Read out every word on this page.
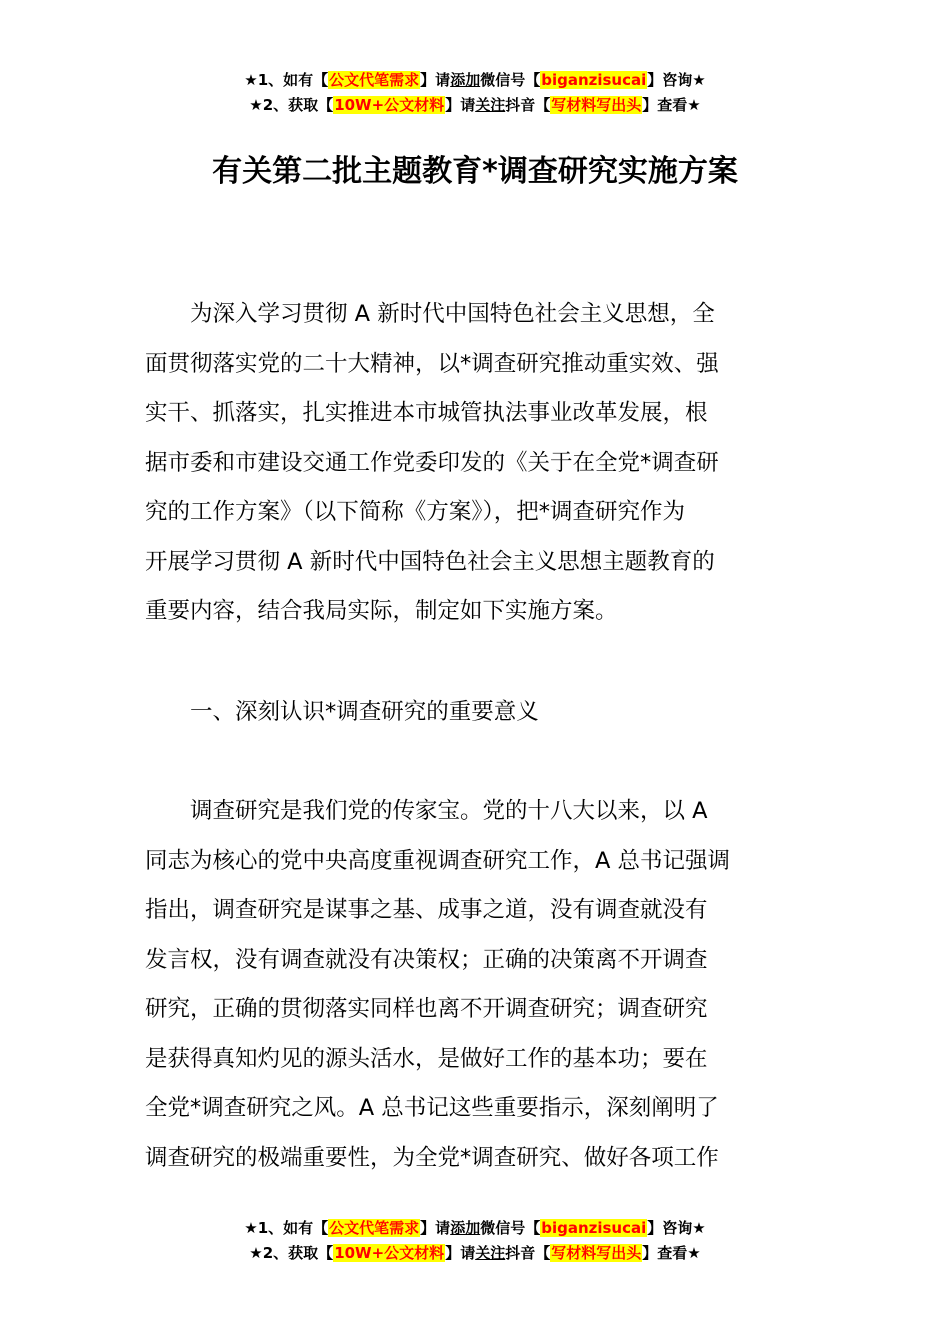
★1、如有【公文代笔需求】请添加微信号【biganzisucai】咨询★
★2、获取【10W+公文材料】请关注抖音【写材料写出头】查看★
有关第二批主题教育*调查研究实施方案
　　为深入学习贯彻 A 新时代中国特色社会主义思想，全
面贯彻落实党的二十大精神，以*调查研究推动重实效、强
实干、抓落实，扎实推进本市城管执法事业改革发展，根
据市委和市建设交通工作党委印发的《关于在全党*调查研
究的工作方案》（以下简称《方案》），把*调查研究作为
开展学习贯彻 A 新时代中国特色社会主义思想主题教育的
重要内容，结合我局实际，制定如下实施方案。
　　一、深刻认识*调查研究的重要意义
　　调查研究是我们党的传家宝。党的十八大以来，以 A
同志为核心的党中央高度重视调查研究工作，A 总书记强调
指出，调查研究是谋事之基、成事之道，没有调查就没有
发言权，没有调查就没有决策权；正确的决策离不开调查
研究，正确的贯彻落实同样也离不开调查研究；调查研究
是获得真知灼见的源头活水，是做好工作的基本功；要在
全党*调查研究之风。A 总书记这些重要指示，深刻阐明了
调查研究的极端重要性，为全党*调查研究、做好各项工作
★1、如有【公文代笔需求】请添加微信号【biganzisucai】咨询★
★2、获取【10W+公文材料】请关注抖音【写材料写出头】查看★
